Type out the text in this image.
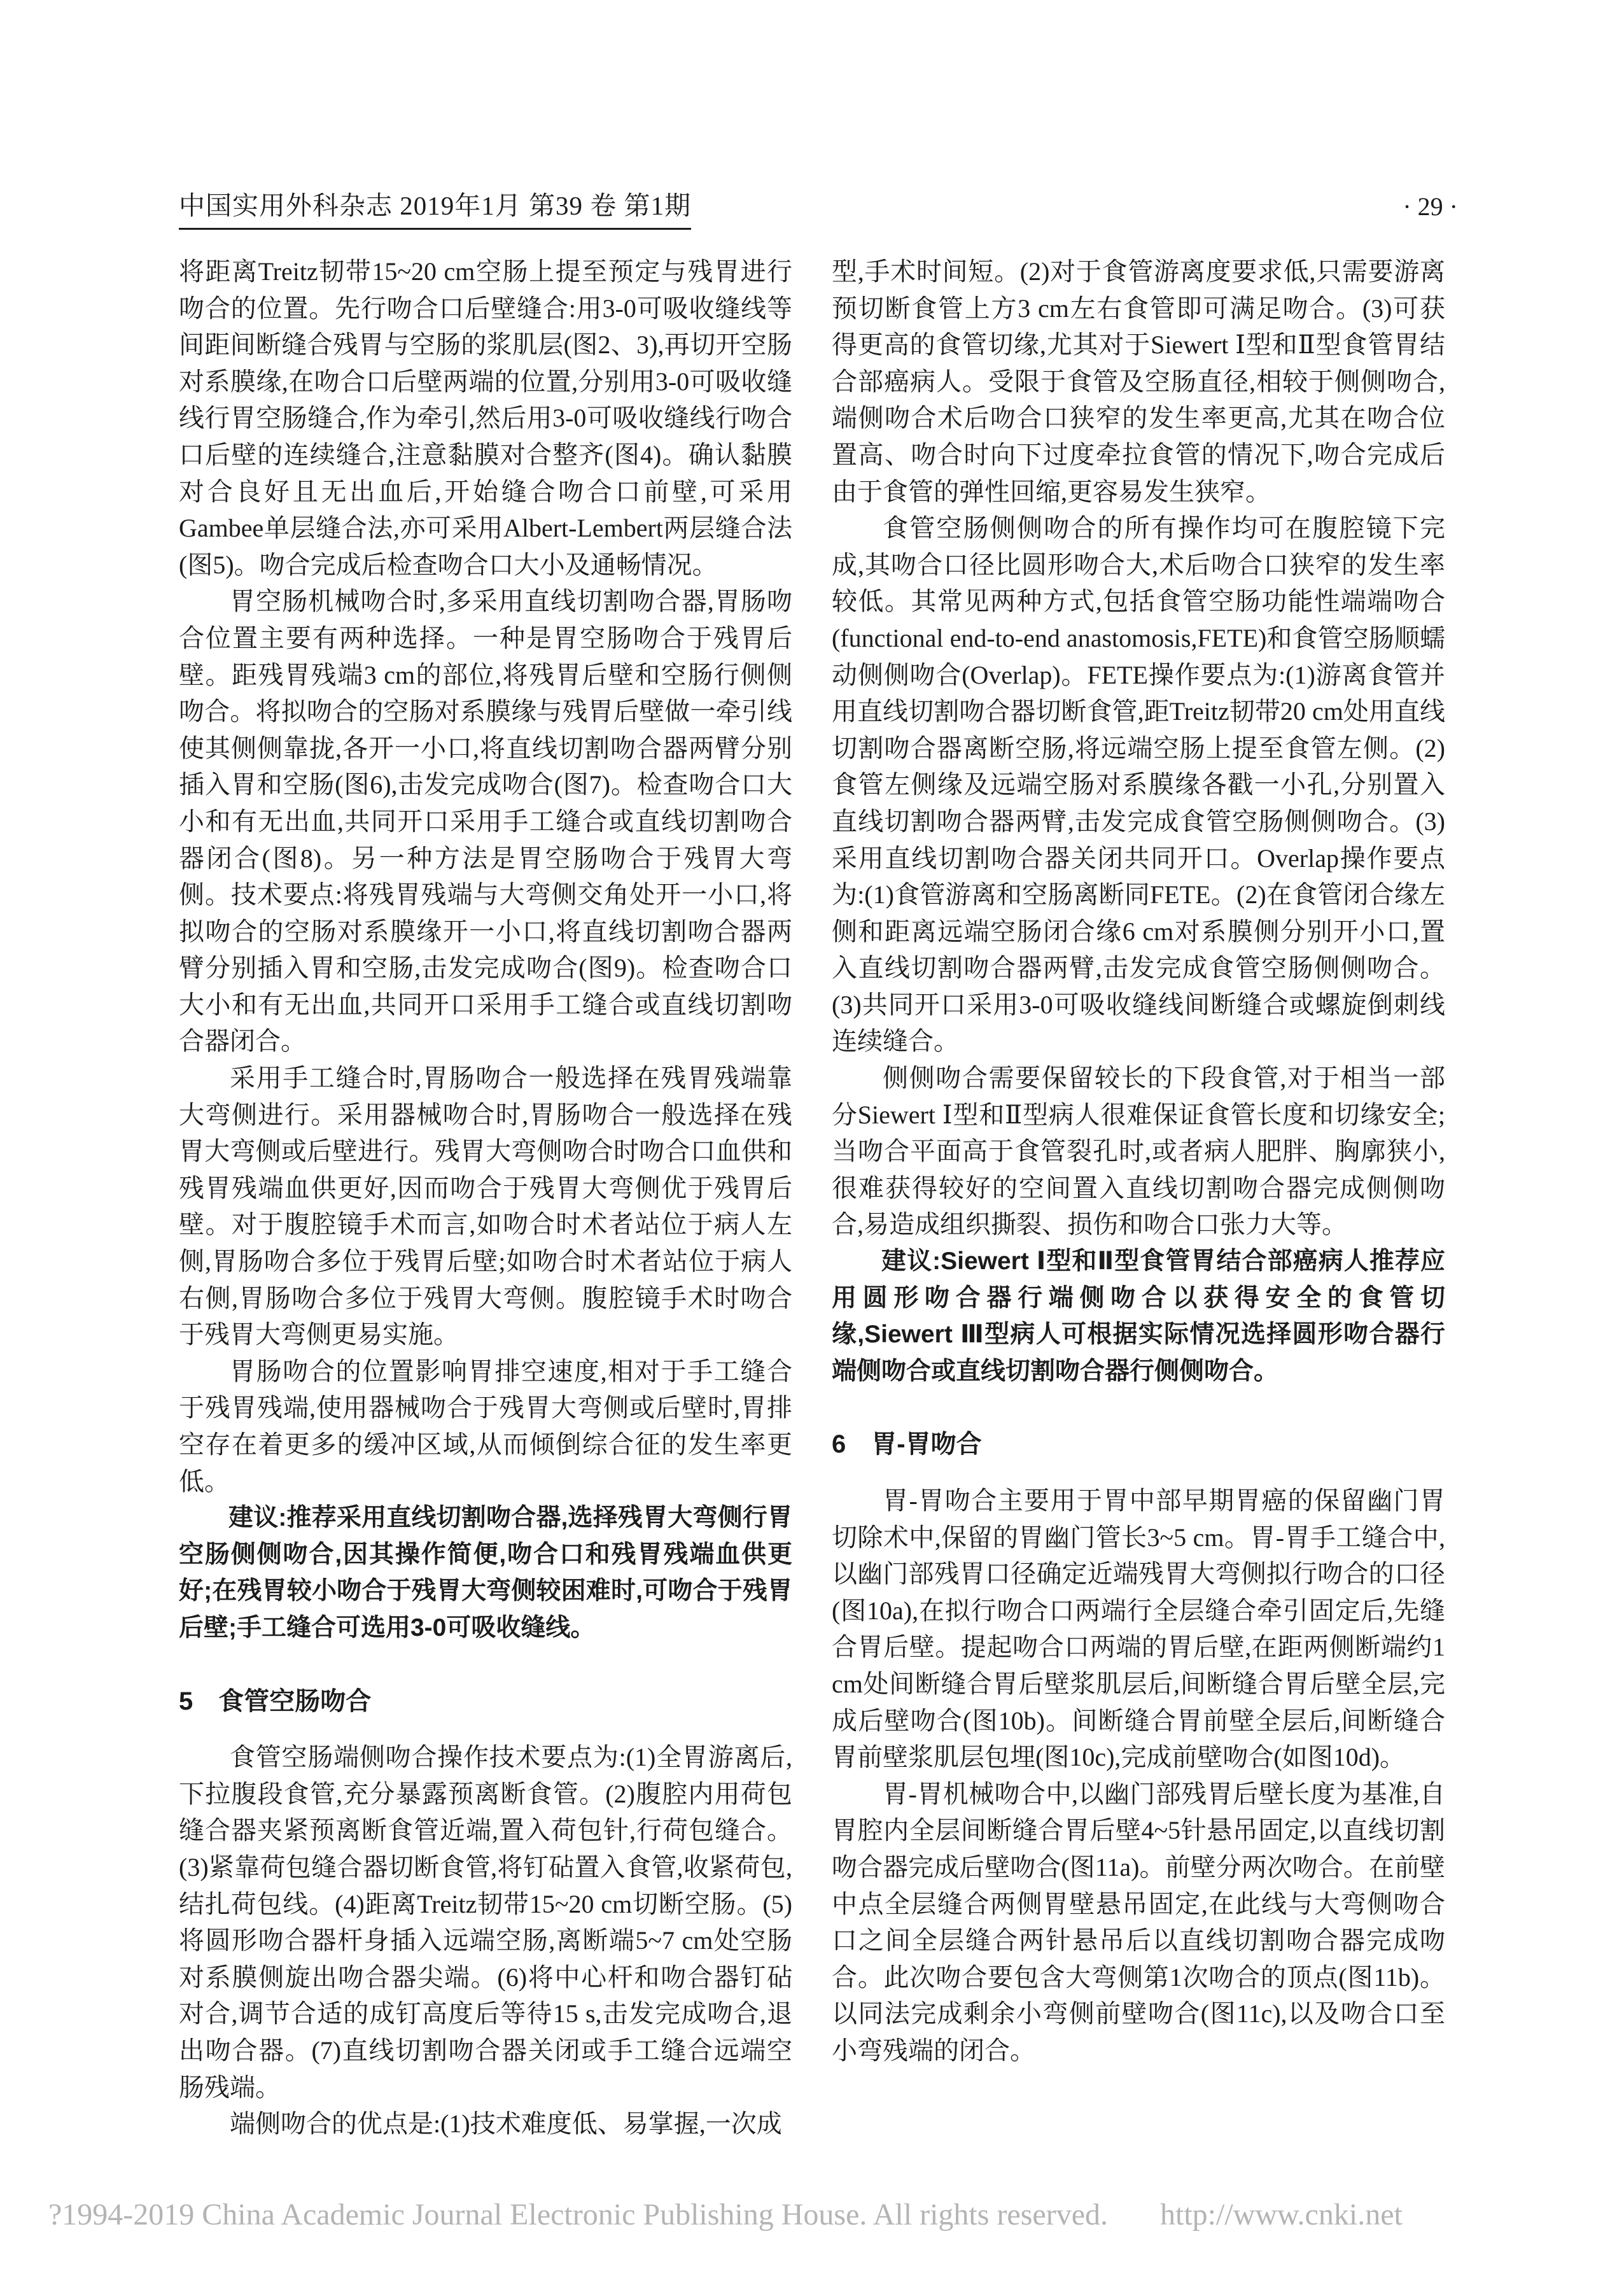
中国实用外科杂志 2019年1月 第39 卷 第1期	· 29 ·
将距离Treitz韧带15~20 cm空肠上提至预定与残胃进行吻合的位置。先行吻合口后壁缝合:用3-0可吸收缝线等间距间断缝合残胃与空肠的浆肌层(图2、3),再切开空肠对系膜缘,在吻合口后壁两端的位置,分别用3-0可吸收缝线行胃空肠缝合,作为牵引,然后用3-0可吸收缝线行吻合口后壁的连续缝合,注意黏膜对合整齐(图4)。确认黏膜对合良好且无出血后,开始缝合吻合口前壁,可采用Gambee单层缝合法,亦可采用Albert-Lembert两层缝合法(图5)。吻合完成后检查吻合口大小及通畅情况。
胃空肠机械吻合时,多采用直线切割吻合器,胃肠吻合位置主要有两种选择。一种是胃空肠吻合于残胃后壁。距残胃残端3 cm的部位,将残胃后壁和空肠行侧侧吻合。将拟吻合的空肠对系膜缘与残胃后壁做一牵引线使其侧侧靠拢,各开一小口,将直线切割吻合器两臂分别插入胃和空肠(图6),击发完成吻合(图7)。检查吻合口大小和有无出血,共同开口采用手工缝合或直线切割吻合器闭合(图8)。另一种方法是胃空肠吻合于残胃大弯侧。技术要点:将残胃残端与大弯侧交角处开一小口,将拟吻合的空肠对系膜缘开一小口,将直线切割吻合器两臂分别插入胃和空肠,击发完成吻合(图9)。检查吻合口大小和有无出血,共同开口采用手工缝合或直线切割吻合器闭合。
采用手工缝合时,胃肠吻合一般选择在残胃残端靠大弯侧进行。采用器械吻合时,胃肠吻合一般选择在残胃大弯侧或后壁进行。残胃大弯侧吻合时吻合口血供和残胃残端血供更好,因而吻合于残胃大弯侧优于残胃后壁。对于腹腔镜手术而言,如吻合时术者站位于病人左侧,胃肠吻合多位于残胃后壁;如吻合时术者站位于病人右侧,胃肠吻合多位于残胃大弯侧。腹腔镜手术时吻合于残胃大弯侧更易实施。
胃肠吻合的位置影响胃排空速度,相对于手工缝合于残胃残端,使用器械吻合于残胃大弯侧或后壁时,胃排空存在着更多的缓冲区域,从而倾倒综合征的发生率更低。
建议:推荐采用直线切割吻合器,选择残胃大弯侧行胃空肠侧侧吻合,因其操作简便,吻合口和残胃残端血供更好;在残胃较小吻合于残胃大弯侧较困难时,可吻合于残胃后壁;手工缝合可选用3-0可吸收缝线。
5　食管空肠吻合
食管空肠端侧吻合操作技术要点为:(1)全胃游离后,下拉腹段食管,充分暴露预离断食管。(2)腹腔内用荷包缝合器夹紧预离断食管近端,置入荷包针,行荷包缝合。(3)紧靠荷包缝合器切断食管,将钉砧置入食管,收紧荷包,结扎荷包线。(4)距离Treitz韧带15~20 cm切断空肠。(5)将圆形吻合器杆身插入远端空肠,离断端5~7 cm处空肠对系膜侧旋出吻合器尖端。(6)将中心杆和吻合器钉砧对合,调节合适的成钉高度后等待15 s,击发完成吻合,退出吻合器。(7)直线切割吻合器关闭或手工缝合远端空肠残端。
端侧吻合的优点是:(1)技术难度低、易掌握,一次成
型,手术时间短。(2)对于食管游离度要求低,只需要游离预切断食管上方3 cm左右食管即可满足吻合。(3)可获得更高的食管切缘,尤其对于Siewert Ⅰ型和Ⅱ型食管胃结合部癌病人。受限于食管及空肠直径,相较于侧侧吻合,端侧吻合术后吻合口狭窄的发生率更高,尤其在吻合位置高、吻合时向下过度牵拉食管的情况下,吻合完成后由于食管的弹性回缩,更容易发生狭窄。
食管空肠侧侧吻合的所有操作均可在腹腔镜下完成,其吻合口径比圆形吻合大,术后吻合口狭窄的发生率较低。其常见两种方式,包括食管空肠功能性端端吻合(functional end-to-end anastomosis,FETE)和食管空肠顺蠕动侧侧吻合(Overlap)。FETE操作要点为:(1)游离食管并用直线切割吻合器切断食管,距Treitz韧带20 cm处用直线切割吻合器离断空肠,将远端空肠上提至食管左侧。(2)食管左侧缘及远端空肠对系膜缘各戳一小孔,分别置入直线切割吻合器两臂,击发完成食管空肠侧侧吻合。(3)采用直线切割吻合器关闭共同开口。Overlap操作要点为:(1)食管游离和空肠离断同FETE。(2)在食管闭合缘左侧和距离远端空肠闭合缘6 cm对系膜侧分别开小口,置入直线切割吻合器两臂,击发完成食管空肠侧侧吻合。(3)共同开口采用3-0可吸收缝线间断缝合或螺旋倒刺线连续缝合。
侧侧吻合需要保留较长的下段食管,对于相当一部分Siewert Ⅰ型和Ⅱ型病人很难保证食管长度和切缘安全;当吻合平面高于食管裂孔时,或者病人肥胖、胸廓狭小,很难获得较好的空间置入直线切割吻合器完成侧侧吻合,易造成组织撕裂、损伤和吻合口张力大等。
建议:Siewert Ⅰ型和Ⅱ型食管胃结合部癌病人推荐应用圆形吻合器行端侧吻合以获得安全的食管切缘,Siewert Ⅲ型病人可根据实际情况选择圆形吻合器行端侧吻合或直线切割吻合器行侧侧吻合。
6　胃-胃吻合
胃-胃吻合主要用于胃中部早期胃癌的保留幽门胃切除术中,保留的胃幽门管长3~5 cm。胃-胃手工缝合中,以幽门部残胃口径确定近端残胃大弯侧拟行吻合的口径(图10a),在拟行吻合口两端行全层缝合牵引固定后,先缝合胃后壁。提起吻合口两端的胃后壁,在距两侧断端约1 cm处间断缝合胃后壁浆肌层后,间断缝合胃后壁全层,完成后壁吻合(图10b)。间断缝合胃前壁全层后,间断缝合胃前壁浆肌层包埋(图10c),完成前壁吻合(如图10d)。
胃-胃机械吻合中,以幽门部残胃后壁长度为基准,自胃腔内全层间断缝合胃后壁4~5针悬吊固定,以直线切割吻合器完成后壁吻合(图11a)。前壁分两次吻合。在前壁中点全层缝合两侧胃壁悬吊固定,在此线与大弯侧吻合口之间全层缝合两针悬吊后以直线切割吻合器完成吻合。此次吻合要包含大弯侧第1次吻合的顶点(图11b)。以同法完成剩余小弯侧前壁吻合(图11c),以及吻合口至小弯残端的闭合。
?1994-2019 China Academic Journal Electronic Publishing House. All rights reserved. http://www.cnki.net
